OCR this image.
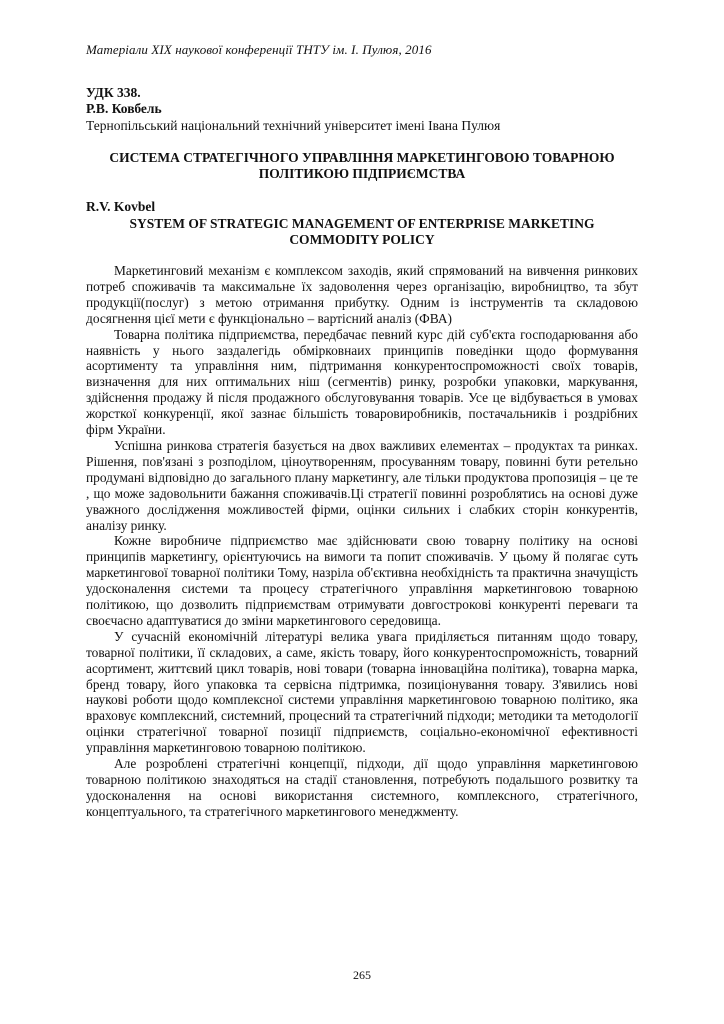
Матеріали XIX наукової конференції ТНТУ ім. І. Пулюя, 2016
УДК 338.
Р.В. Ковбель
Тернопільський національний технічний університет імені Івана Пулюя
СИСТЕМА СТРАТЕГІЧНОГО УПРАВЛІННЯ МАРКЕТИНГОВОЮ ТОВАРНОЮ ПОЛІТИКОЮ ПІДПРИЄМСТВА
R.V. Kovbel
SYSTEM OF STRATEGIC MANAGEMENT OF ENTERPRISE MARKETING COMMODITY POLICY

Маркетинговий механізм є комплексом заходів, який спрямований на вивчення ринкових потреб споживачів та максимальне їх задоволення через організацію, виробництво, та збут продукції(послуг) з метою отримання прибутку. Одним із інструментів та складовою досягнення цієї мети є функціонально – вартісний аналіз (ФВА)

Товарна політика підприємства, передбачає певний курс дій суб'єкта господарювання або наявність у нього заздалегідь обмірковнаих принципів поведінки щодо формування асортименту та управління ним, підтримання конкурентоспроможності своїх товарів, визначення для них оптимальних ніш (сегментів) ринку, розробки упаковки, маркування, здійснення продажу й після продажного обслуговування товарів. Усе це відбувається в умовах жорсткої конкуренції, якої зазнає більшість товаровиробників, постачальників і роздрібних фірм України.

Успішна ринкова стратегія базується на двох важливих елементах – продуктах та ринках. Рішення, пов'язані з розподілом, ціноутворенням, просуванням товару, повинні бути ретельно продумані відповідно до загального плану маркетингу, але тільки продуктова пропозиція – це те , що може задовольнити бажання споживачів.Ці стратегії повинні розроблятись на основі дуже уважного дослідження можливостей фірми, оцінки сильних і слабких сторін конкурентів, аналізу ринку.

Кожне виробниче підприємство має здійснювати свою товарну політику на основі принципів маркетингу, орієнтуючись на вимоги та попит споживачів. У цьому й полягає суть маркетингової товарної політики Тому, назріла об'єктивна необхідність та практична значущість удосконалення системи та процесу стратегічного управління маркетинговою товарною політикою, що дозволить підприємствам отримувати довгострокові конкуренті переваги та своєчасно адаптуватися до зміни маркетингового середовища.

У сучасній економічній літературі велика увага приділяється питанням щодо товару, товарної політики, її складових, а саме, якість товару, його конкурентоспроможність, товарний асортимент, життєвий цикл товарів, нові товари (товарна інноваційна політика), товарна марка, бренд товару, його упаковка та сервісна підтримка, позиціонування товару. З'явились нові наукові роботи щодо комплексної системи управління маркетинговою товарною політико, яка враховує комплексний, системний, процесний та стратегічний підходи; методики та методології оцінки стратегічної товарної позиції підприємств, соціально-економічної ефективності управління маркетинговою товарною політикою.

Але розроблені стратегічні концепції, підходи, дії щодо управління маркетинговою товарною політикою знаходяться на стадії становлення, потребують подальшого розвитку та удосконалення на основі використання системного, комплексного, стратегічного, концептуального, та стратегічного маркетингового менеджменту.

265
